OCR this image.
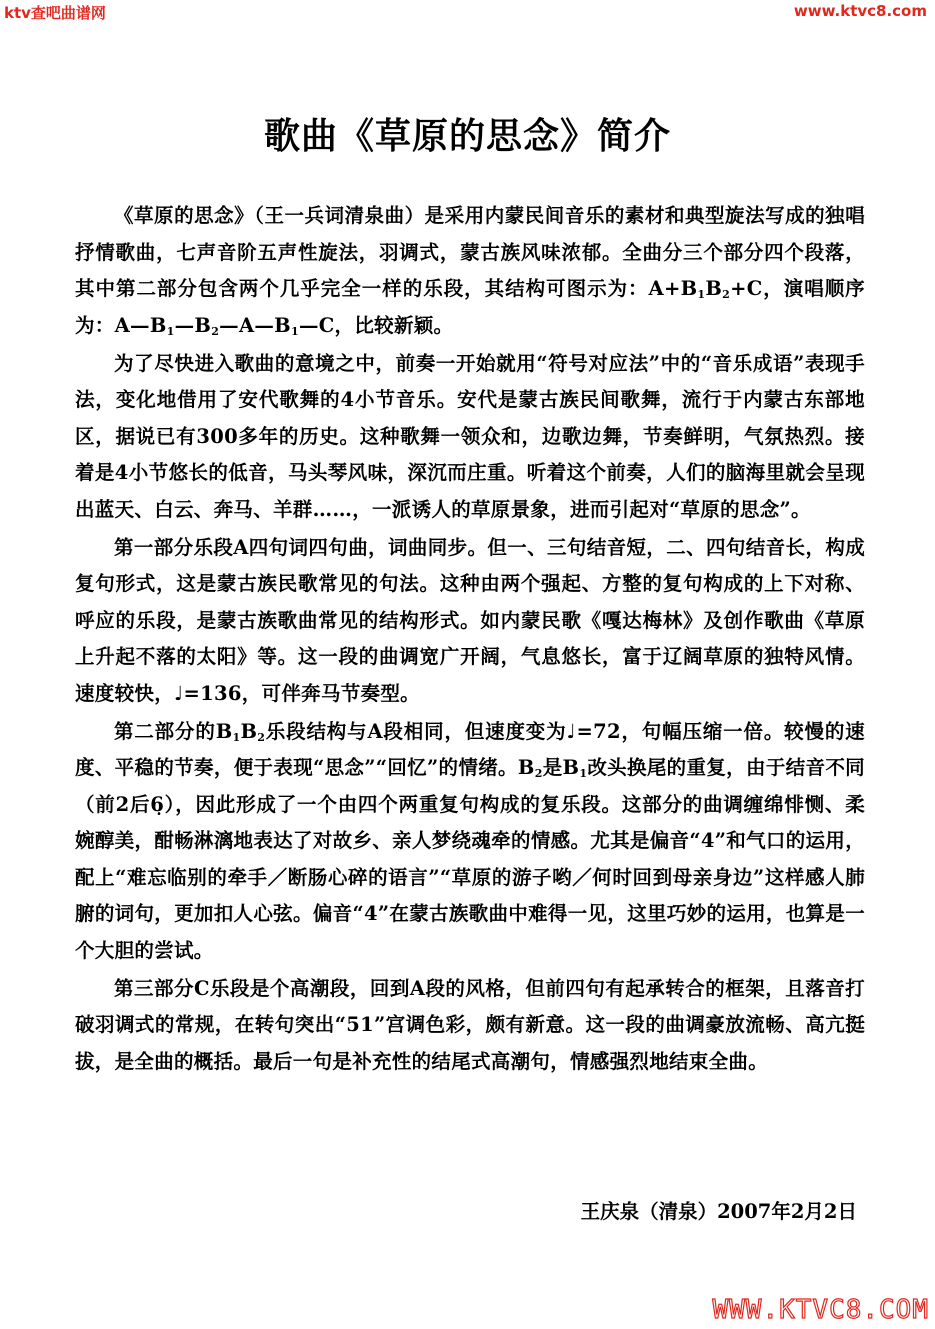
ktv查吧曲谱网	www.ktvc8.com
歌曲《草原的思念》简介

《草原的思念》（王一兵词清泉曲）是采用内蒙民间音乐的素材和典型旋法写成的独唱抒情歌曲，七声音阶五声性旋法，羽调式，蒙古族风味浓郁。全曲分三个部分四个段落，其中第二部分包含两个几乎完全一样的乐段，其结构可图示为：$A+B_1B_2+C$，演唱顺序为：$A—B_1—B_2—A—B_1—C$，比较新颖。

为了尽快进入歌曲的意境之中，前奏一开始就用“符号对应法”中的“音乐成语”表现手法，变化地借用了安代歌舞的4小节音乐。安代是蒙古族民间歌舞，流行于内蒙古东部地区，据说已有300多年的历史。这种歌舞一领众和，边歌边舞，节奏鲜明，气氛热烈。接着是4小节悠长的低音，马头琴风味，深沉而庄重。听着这个前奏，人们的脑海里就会呈现出蓝天、白云、奔马、羊群……，一派诱人的草原景象，进而引起对“草原的思念”。

第一部分乐段A四句词四句曲，词曲同步。但一、三句结音短，二、四句结音长，构成复句形式，这是蒙古族民歌常见的句法。这种由两个强起、方整的复句构成的上下对称、呼应的乐段，是蒙古族歌曲常见的结构形式。如内蒙民歌《嘎达梅林》及创作歌曲《草原上升起不落的太阳》等。这一段的曲调宽广开阔，气息悠长，富于辽阔草原的独特风情。速度较快，♩=136，可伴奔马节奏型。

第二部分的$B_1B_2$乐段结构与A段相同，但速度变为♩=72，句幅压缩一倍。较慢的速度、平稳的节奏，便于表现“思念”“回忆”的情绪。$B_2$是$B_1$改头换尾的重复，由于结音不同（前2后6̣），因此形成了一个由四个两重复句构成的复乐段。这部分的曲调缠绵悱恻、柔婉醇美，酣畅淋漓地表达了对故乡、亲人梦绕魂牵的情感。尤其是偏音“4”和气口的运用，配上“难忘临别的牵手／断肠心碎的语言”“草原的游子哟／何时回到母亲身边”这样感人肺腑的词句，更加扣人心弦。偏音“4”在蒙古族歌曲中难得一见，这里巧妙的运用，也算是一个大胆的尝试。

第三部分C乐段是个高潮段，回到A段的风格，但前四句有起承转合的框架，且落音打破羽调式的常规，在转句突出“51”宫调色彩，颇有新意。这一段的曲调豪放流畅、高亢挺拔，是全曲的概括。最后一句是补充性的结尾式高潮句，情感强烈地结束全曲。

王庆泉（清泉）2007年2月2日
WWW.KTVC8.COM
